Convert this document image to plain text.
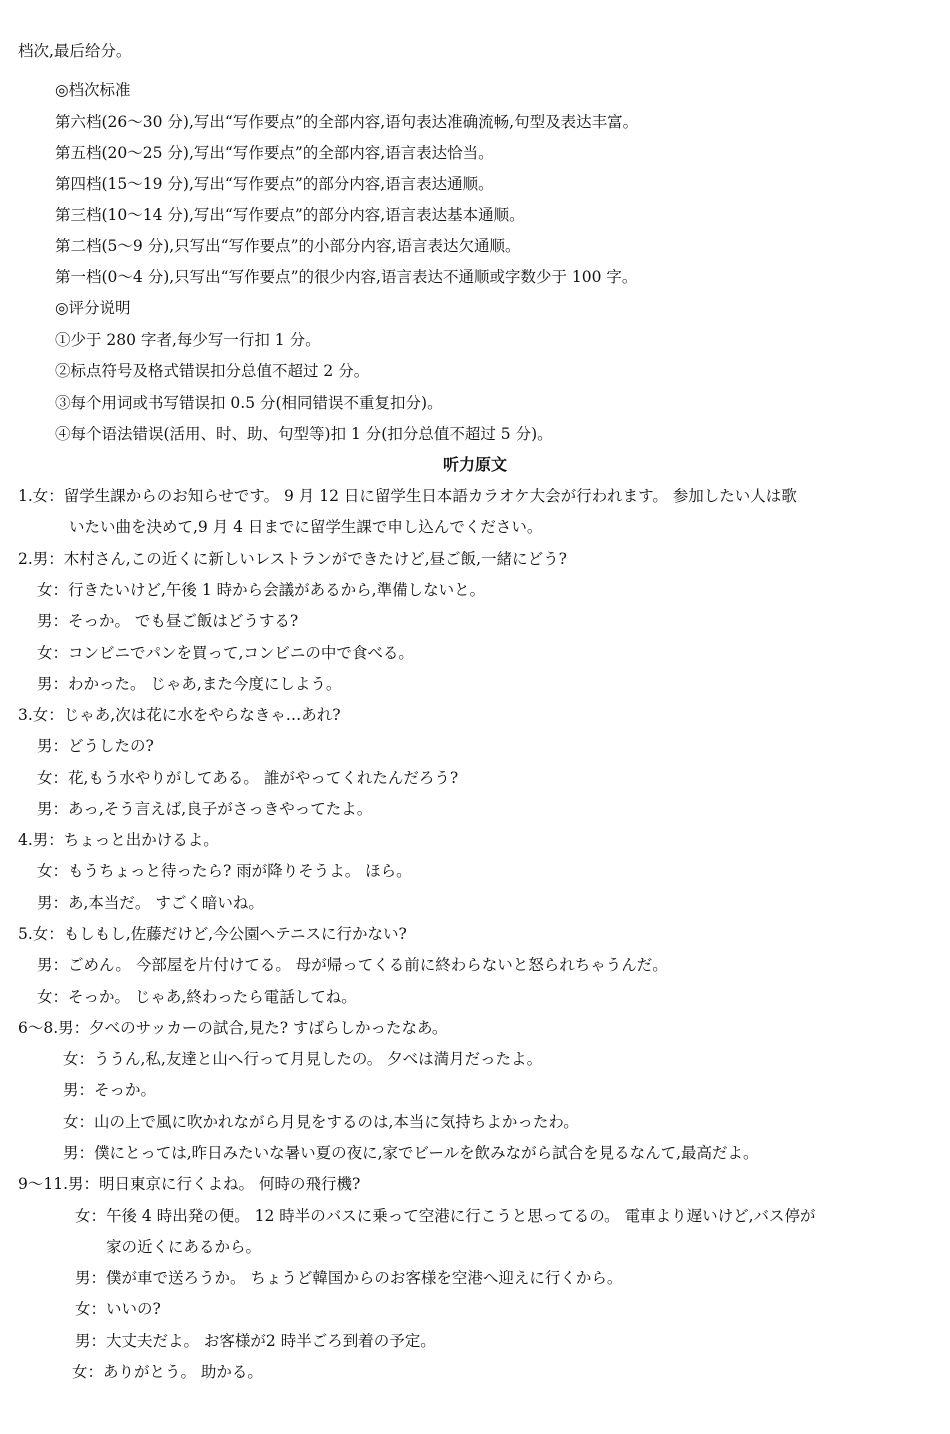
档次,最后给分。
◎档次标准
第六档(26～30 分),写出“写作要点”的全部内容,语句表达准确流畅,句型及表达丰富。
第五档(20～25 分),写出“写作要点”的全部内容,语言表达恰当。
第四档(15～19 分),写出“写作要点”的部分内容,语言表达通顺。
第三档(10～14 分),写出“写作要点”的部分内容,语言表达基本通顺。
第二档(5～9 分),只写出“写作要点”的小部分内容,语言表达欠通顺。
第一档(0～4 分),只写出“写作要点”的很少内容,语言表达不通顺或字数少于 100 字。
◎评分说明
①少于 280 字者,每少写一行扣 1 分。
②标点符号及格式错误扣分总值不超过 2 分。
③每个用词或书写错误扣 0.5 分(相同错误不重复扣分)。
④每个语法错误(活用、时、助、句型等)扣 1 分(扣分总值不超过 5 分)。
听力原文
1.女：留学生課からのお知らせです。 9 月 12 日に留学生日本語カラオケ大会が行われます。 参加したい人は歌
いたい曲を決めて,9 月 4 日までに留学生課で申し込んでください。
2.男：木村さん,この近くに新しいレストランができたけど,昼ご飯,一緒にどう?
女：行きたいけど,午後 1 時から会議があるから,準備しないと。
男：そっか。 でも昼ご飯はどうする?
女：コンビニでパンを買って,コンビニの中で食べる。
男：わかった。 じゃあ,また今度にしよう。
3.女：じゃあ,次は花に水をやらなきゃ…あれ?
男：どうしたの?
女：花,もう水やりがしてある。 誰がやってくれたんだろう?
男：あっ,そう言えば,良子がさっきやってたよ。
4.男：ちょっと出かけるよ。
女：もうちょっと待ったら? 雨が降りそうよ。 ほら。
男：あ,本当だ。 すごく暗いね。
5.女：もしもし,佐藤だけど,今公園へテニスに行かない?
男：ごめん。 今部屋を片付けてる。 母が帰ってくる前に終わらないと怒られちゃうんだ。
女：そっか。 じゃあ,終わったら電話してね。
6～8.男：夕べのサッカーの試合,見た? すばらしかったなあ。
女：ううん,私,友達と山へ行って月見したの。 夕べは満月だったよ。
男：そっか。
女：山の上で風に吹かれながら月見をするのは,本当に気持ちよかったわ。
男：僕にとっては,昨日みたいな暑い夏の夜に,家でビールを飲みながら試合を見るなんて,最高だよ。
9～11.男：明日東京に行くよね。 何時の飛行機?
女：午後 4 時出発の便。 12 時半のバスに乗って空港に行こうと思ってるの。 電車より遅いけど,バス停が
家の近くにあるから。
男：僕が車で送ろうか。 ちょうど韓国からのお客様を空港へ迎えに行くから。
女：いいの?
男：大丈夫だよ。 お客様が2 時半ごろ到着の予定。
女：ありがとう。 助かる。
